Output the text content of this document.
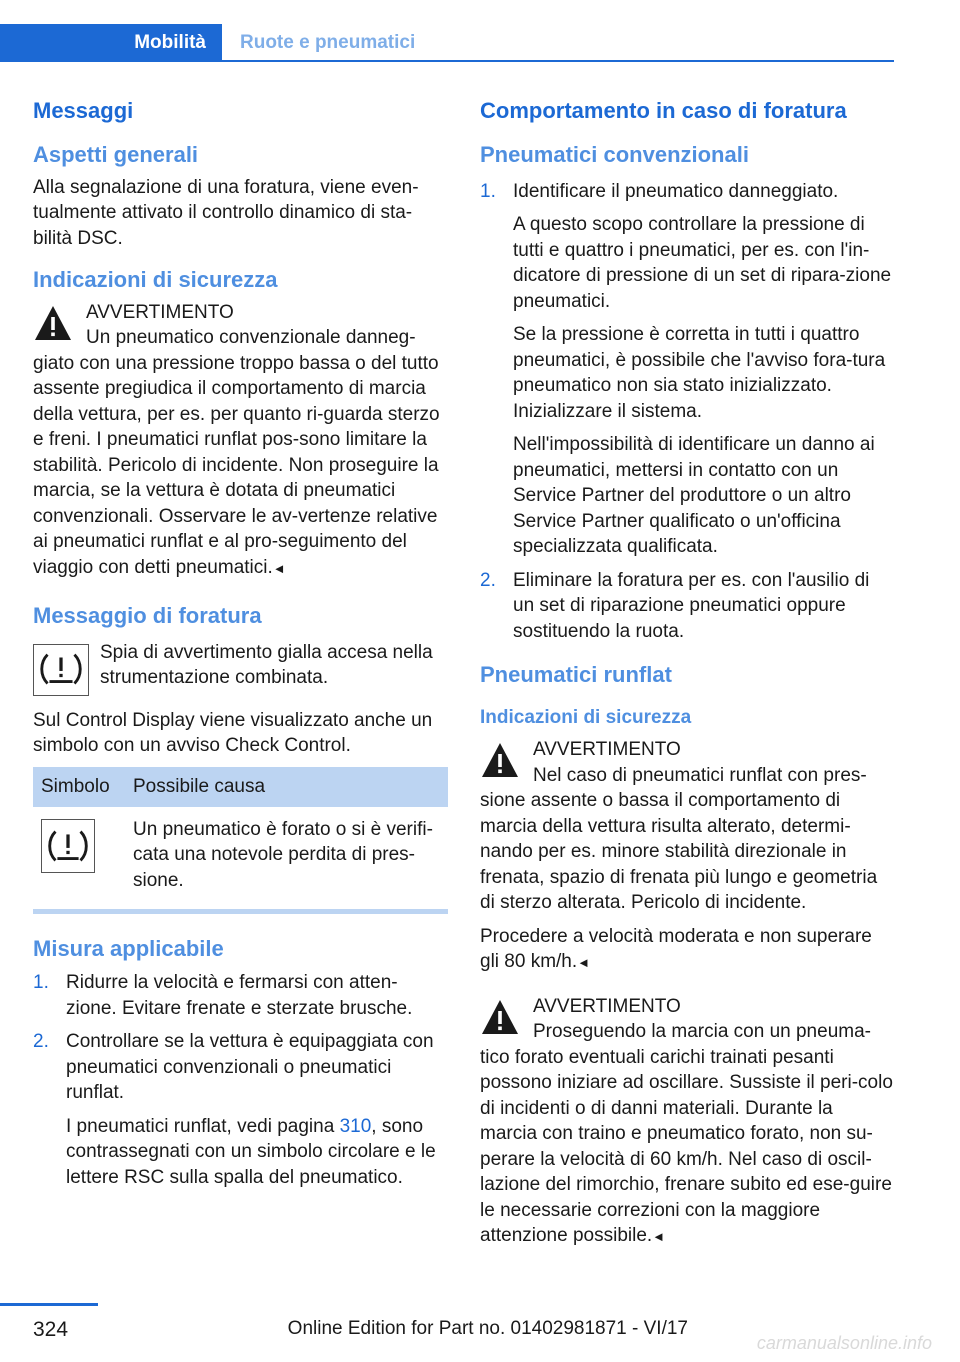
Mobilità Ruote e pneumatici
Messaggi
Aspetti generali

Alla segnalazione di una foratura, viene even-tualmente attivato il controllo dinamico di sta-bilità DSC.

Indicazioni di sicurezza
AVVERTIMENTO

Un pneumatico convenzionale danneg-

giato con una pressione troppo bassa o del tutto assente pregiudica il comportamento di marcia della vettura, per es. per quanto ri-guarda sterzo e freni. I pneumatici runflat pos-sono limitare la stabilità. Pericolo di incidente. Non proseguire la marcia, se la vettura è dotata di pneumatici convenzionali. Osservare le av-vertenze relative ai pneumatici runflat e al pro-seguimento del viaggio con detti pneumatici.◄

Messaggio di foratura
Spia di avvertimento gialla accesa nella strumentazione combinata.

Sul Control Display viene visualizzato anche un simbolo con un avviso Check Control.

Simbolo	Possibile causa
	Un pneumatico è forato o si è verifi-cata una notevole perdita di pres-sione.
Misura applicabile
1. Ridurre la velocità e fermarsi con atten-zione. Evitare frenate e sterzate brusche.

2. Controllare se la vettura è equipaggiata con pneumatici convenzionali o pneumatici runflat.

I pneumatici runflat, vedi pagina 310, sono contrassegnati con un simbolo circolare e le lettere RSC sulla spalla del pneumatico.

Comportamento in caso di foratura
Pneumatici convenzionali
1. Identificare il pneumatico danneggiato.

A questo scopo controllare la pressione di tutti e quattro i pneumatici, per es. con l'in-dicatore di pressione di un set di ripara-zione pneumatici.

Se la pressione è corretta in tutti i quattro pneumatici, è possibile che l'avviso fora-tura pneumatico non sia stato inizializzato. Inizializzare il sistema.

Nell'impossibilità di identificare un danno ai pneumatici, mettersi in contatto con un Service Partner del produttore o un altro Service Partner qualificato o un'officina specializzata qualificata.

2. Eliminare la foratura per es. con l'ausilio di un set di riparazione pneumatici oppure sostituendo la ruota.

Pneumatici runflat
Indicazioni di sicurezza
AVVERTIMENTO

Nel caso di pneumatici runflat con pres-

sione assente o bassa il comportamento di marcia della vettura risulta alterato, determi-nando per es. minore stabilità direzionale in frenata, spazio di frenata più lungo e geometria di sterzo alterata. Pericolo di incidente.

Procedere a velocità moderata e non superare gli 80 km/h.◄

AVVERTIMENTO

Proseguendo la marcia con un pneuma-

tico forato eventuali carichi trainati pesanti possono iniziare ad oscillare. Sussiste il peri-colo di incidenti o di danni materiali. Durante la marcia con traino e pneumatico forato, non su-perare la velocità di 60 km/h. Nel caso di oscil-lazione del rimorchio, frenare subito ed ese-guire le necessarie correzioni con la maggiore attenzione possibile.◄

324	Online Edition for Part no. 01402981871 - VI/17
carmanualsonline.info
